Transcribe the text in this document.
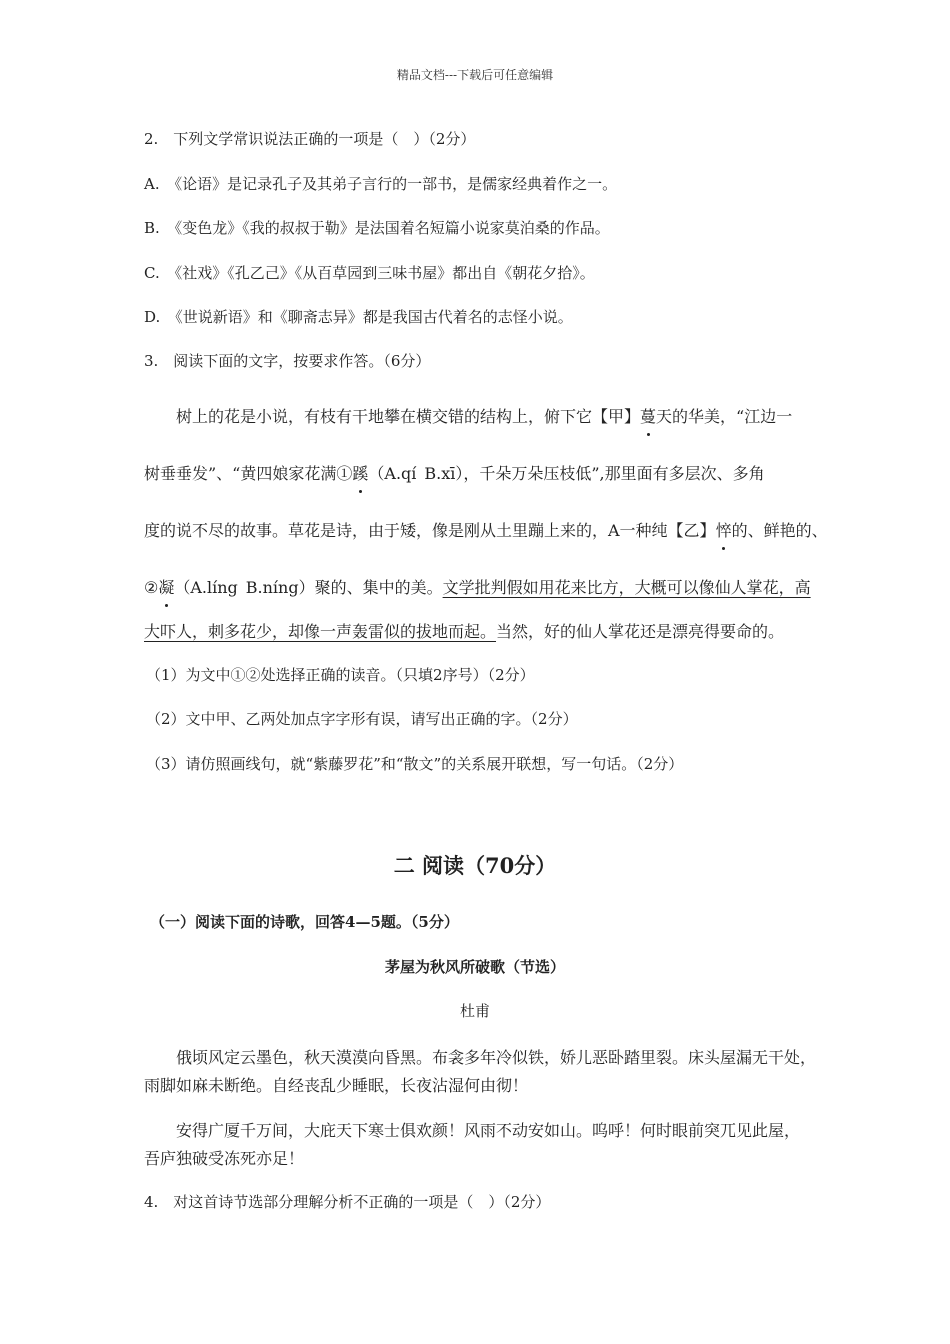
精品文档---下载后可任意编辑
2.　下列文学常识说法正确的一项是（　）（2分）
A.　《论语》是记录孔子及其弟子言行的一部书，是儒家经典着作之一。
B.　《变色龙》《我的叔叔于勒》是法国着名短篇小说家莫泊桑的作品。
C.　《社戏》《孔乙己》《从百草园到三味书屋》都出自《朝花夕拾》。
D.　《世说新语》和《聊斋志异》都是我国古代着名的志怪小说。
3.　阅读下面的文字，按要求作答。（6分）
树上的花是小说，有枝有干地攀在横交错的结构上，俯下它【甲】蔓天的华美，“江边一
树垂垂发”、“黄四娘家花满①蹊（A.qí B.xī），千朵万朵压枝低”,那里面有多层次、多角
度的说不尽的故事。草花是诗，由于矮，像是刚从土里蹦上来的，A一种纯【乙】悴的、鲜艳的、
②凝（A.líng B.níng）聚的、集中的美。文学批判假如用花来比方，大概可以像仙人掌花，高
大吓人，刺多花少，却像一声轰雷似的拔地而起。当然，好的仙人掌花还是漂亮得要命的。
（1）为文中①②处选择正确的读音。（只填2序号）（2分）
（2）文中甲、乙两处加点字字形有误，请写出正确的字。（2分）
（3）请仿照画线句，就“紫藤罗花”和“散文”的关系展开联想，写一句话。（2分）
二 阅读（70分）
（一）阅读下面的诗歌，回答4—5题。（5分）
茅屋为秋风所破歌（节选）
杜甫
俄顷风定云墨色，秋天漠漠向昏黑。布衾多年冷似铁，娇儿恶卧踏里裂。床头屋漏无干处，
雨脚如麻未断绝。自经丧乱少睡眠，长夜沾湿何由彻！
安得广厦千万间，大庇天下寒士俱欢颜！风雨不动安如山。呜呼！何时眼前突兀见此屋，
吾庐独破受冻死亦足！
4.　对这首诗节选部分理解分析不正确的一项是（　）（2分）
